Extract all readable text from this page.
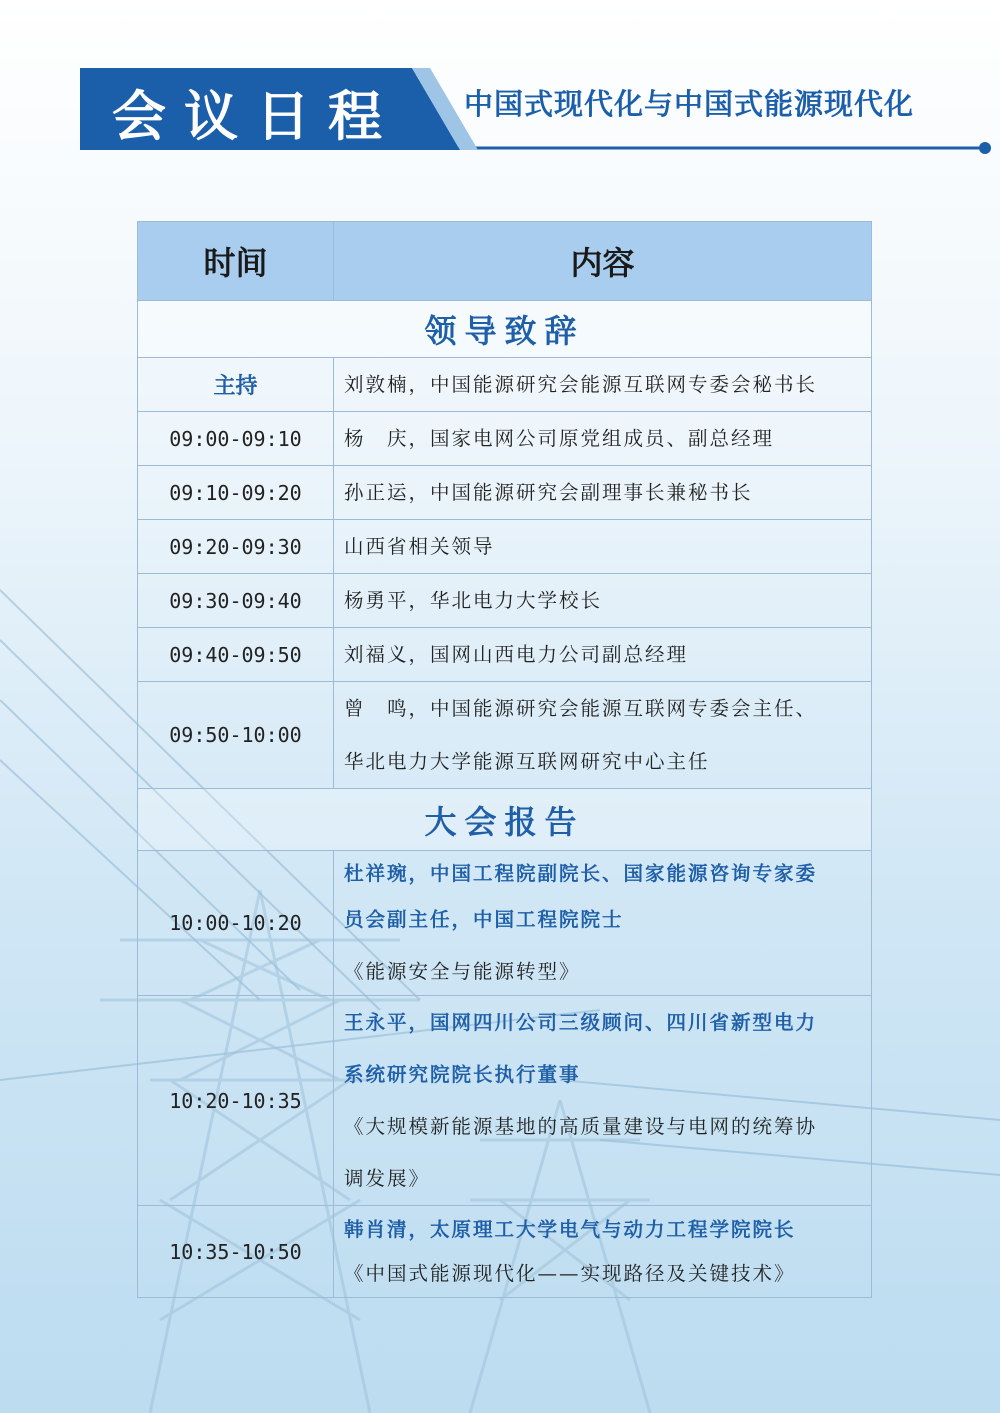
会议日程 中国式现代化与中国式能源现代化
时间	内容
领导致辞	
主持	刘敦楠，中国能源研究会能源互联网专委会秘书长
09:00-09:10	杨　庆，国家电网公司原党组成员、副总经理
09:10-09:20	孙正运，中国能源研究会副理事长兼秘书长
09:20-09:30	山西省相关领导
09:30-09:40	杨勇平，华北电力大学校长
09:40-09:50	刘福义，国网山西电力公司副总经理
09:50-10:00	曾　鸣，中国能源研究会能源互联网专委会主任、
华北电力大学能源互联网研究中心主任

大会报告	
10:00-10:20	杜祥琬，中国工程院副院长、国家能源咨询专家委
员会副主任，中国工程院院士
《能源安全与能源转型》

10:20-10:35	王永平，国网四川公司三级顾问、四川省新型电力
系统研究院院长执行董事
《大规模新能源基地的高质量建设与电网的统筹协
调发展》

10:35-10:50	韩肖清，太原理工大学电气与动力工程学院院长
《中国式能源现代化——实现路径及关键技术》
